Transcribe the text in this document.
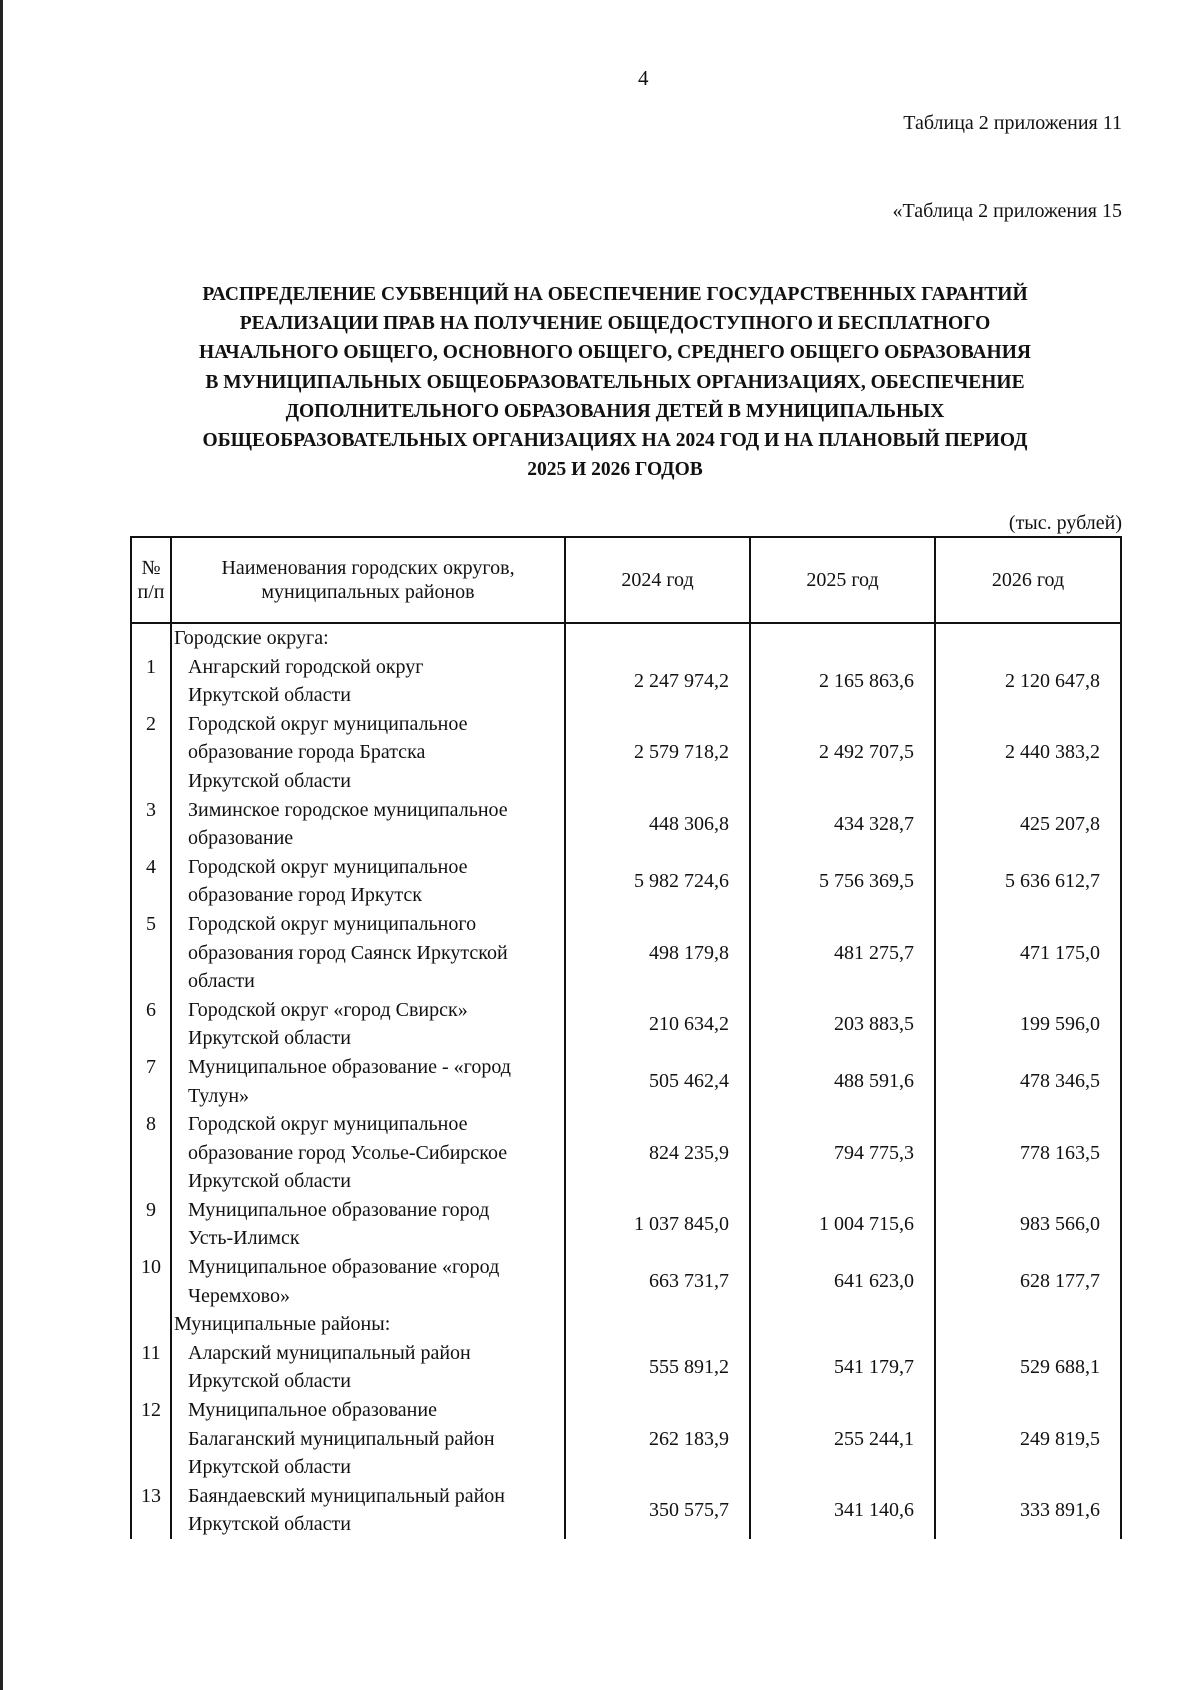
4
Таблица 2 приложения 11
«Таблица 2 приложения 15
РАСПРЕДЕЛЕНИЕ СУБВЕНЦИЙ НА ОБЕСПЕЧЕНИЕ ГОСУДАРСТВЕННЫХ ГАРАНТИЙ
РЕАЛИЗАЦИИ ПРАВ НА ПОЛУЧЕНИЕ ОБЩЕДОСТУПНОГО И БЕСПЛАТНОГО
НАЧАЛЬНОГО ОБЩЕГО, ОСНОВНОГО ОБЩЕГО, СРЕДНЕГО ОБЩЕГО ОБРАЗОВАНИЯ
В МУНИЦИПАЛЬНЫХ ОБЩЕОБРАЗОВАТЕЛЬНЫХ ОРГАНИЗАЦИЯХ, ОБЕСПЕЧЕНИЕ
ДОПОЛНИТЕЛЬНОГО ОБРАЗОВАНИЯ ДЕТЕЙ В МУНИЦИПАЛЬНЫХ
ОБЩЕОБРАЗОВАТЕЛЬНЫХ ОРГАНИЗАЦИЯХ НА 2024 ГОД И НА ПЛАНОВЫЙ ПЕРИОД
2025 И 2026 ГОДОВ
(тыс. рублей)
№
п/п	Наименования городских округов,
муниципальных районов	2024 год	2025 год	2026 год
	Городские округа:			
1	Ангарский городской округ
Иркутской области	2 247 974,2	2 165 863,6	2 120 647,8
2	Городской округ муниципальное
образование города Братска
Иркутской области	2 579 718,2	2 492 707,5	2 440 383,2
3	Зиминское городское муниципальное
образование	448 306,8	434 328,7	425 207,8
4	Городской округ муниципальное
образование город Иркутск	5 982 724,6	5 756 369,5	5 636 612,7
5	Городской округ муниципального
образования город Саянск Иркутской
области	498 179,8	481 275,7	471 175,0
6	Городской округ «город Свирск»
Иркутской области	210 634,2	203 883,5	199 596,0
7	Муниципальное образование - «город
Тулун»	505 462,4	488 591,6	478 346,5
8	Городской округ муниципальное
образование город Усолье-Сибирское
Иркутской области	824 235,9	794 775,3	778 163,5
9	Муниципальное образование город
Усть-Илимск	1 037 845,0	1 004 715,6	983 566,0
10	Муниципальное образование «город
Черемхово»	663 731,7	641 623,0	628 177,7
	Муниципальные районы:			
11	Аларский муниципальный район
Иркутской области	555 891,2	541 179,7	529 688,1
12	Муниципальное образование
Балаганский муниципальный район
Иркутской области	262 183,9	255 244,1	249 819,5
13	Баяндаевский муниципальный район
Иркутской области	350 575,7	341 140,6	333 891,6
